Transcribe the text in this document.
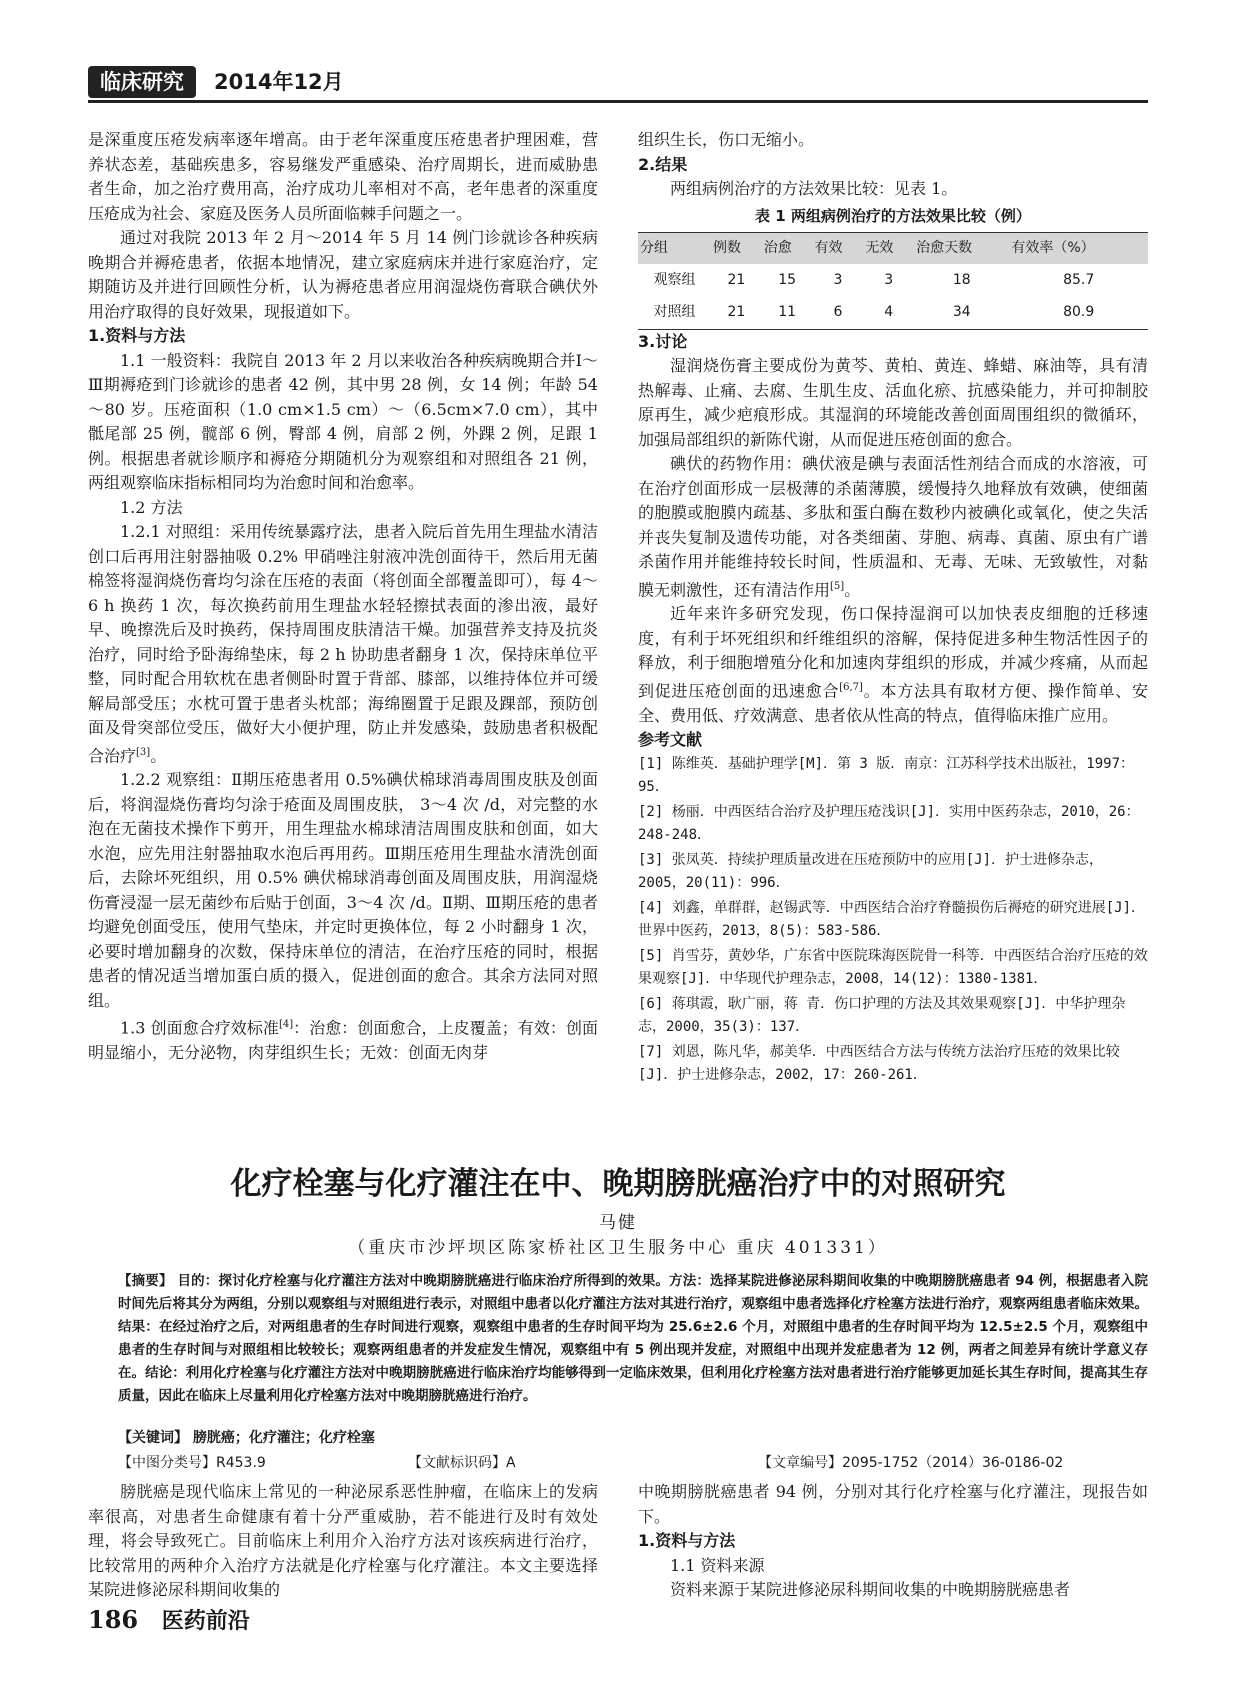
临床研究	2014年12月

是深重度压疮发病率逐年增高。由于老年深重度压疮患者护理困难，营养状态差，基础疾患多，容易继发严重感染、治疗周期长，进而威胁患者生命，加之治疗费用高，治疗成功儿率相对不高，老年患者的深重度压疮成为社会、家庭及医务人员所面临棘手问题之一。

通过对我院 2013 年 2 月～2014 年 5 月 14 例门诊就诊各种疾病晚期合并褥疮患者，依据本地情况，建立家庭病床并进行家庭治疗，定期随访及并进行回顾性分析，认为褥疮患者应用润湿烧伤膏联合碘伏外用治疗取得的良好效果，现报道如下。

1.资料与方法

1.1 一般资料：我院自 2013 年 2 月以来收治各种疾病晚期合并Ⅰ～Ⅲ期褥疮到门诊就诊的患者 42 例，其中男 28 例，女 14 例；年龄 54～80 岁。压疮面积（1.0 cm×1.5 cm）～（6.5cm×7.0 cm），其中骶尾部 25 例，髋部 6 例，臀部 4 例，肩部 2 例，外踝 2 例，足跟 1 例。根据患者就诊顺序和褥疮分期随机分为观察组和对照组各 21 例，两组观察临床指标相同均为治愈时间和治愈率。

1.2 方法

1.2.1 对照组：采用传统暴露疗法，患者入院后首先用生理盐水清洁创口后再用注射器抽吸 0.2% 甲硝唑注射液冲洗创面待干，然后用无菌棉签将湿润烧伤膏均匀涂在压疮的表面（将创面全部覆盖即可），每 4～6 h 换药 1 次，每次换药前用生理盐水轻轻擦拭表面的渗出液，最好早、晚擦洗后及时换药，保持周围皮肤清洁干燥。加强营养支持及抗炎治疗，同时给予卧海绵垫床，每 2 h 协助患者翻身 1 次，保持床单位平整，同时配合用软枕在患者侧卧时置于背部、膝部，以维持体位并可缓解局部受压；水枕可置于患者头枕部；海绵圈置于足跟及踝部，预防创面及骨突部位受压，做好大小便护理，防止并发感染，鼓励患者积极配合治疗[3]。

1.2.2 观察组：Ⅱ期压疮患者用 0.5%碘伏棉球消毒周围皮肤及创面后，将润湿烧伤膏均匀涂于疮面及周围皮肤， 3～4 次 /d，对完整的水泡在无菌技术操作下剪开，用生理盐水棉球清洁周围皮肤和创面，如大水泡，应先用注射器抽取水泡后再用药。Ⅲ期压疮用生理盐水清洗创面后，去除坏死组织，用 0.5% 碘伏棉球消毒创面及周围皮肤，用润湿烧伤膏浸湿一层无菌纱布后贴于创面，3～4 次 /d。Ⅱ期、Ⅲ期压疮的患者均避免创面受压，使用气垫床，并定时更换体位，每 2 小时翻身 1 次，必要时增加翻身的次数，保持床单位的清洁，在治疗压疮的同时，根据患者的情况适当增加蛋白质的摄入，促进创面的愈合。其余方法同对照组。

1.3 创面愈合疗效标准[4]：治愈：创面愈合，上皮覆盖；有效：创面明显缩小，无分泌物，肉芽组织生长；无效：创面无肉芽

组织生长，伤口无缩小。

2.结果

两组病例治疗的方法效果比较：见表 1。

表 1 两组病例治疗的方法效果比较（例）
分组	例数	治愈	有效	无效	治愈天数	有效率（%）
观察组	21	15	3	3	18	85.7
对照组	21	11	6	4	34	80.9

3.讨论

湿润烧伤膏主要成份为黄芩、黄柏、黄连、蜂蜡、麻油等，具有清热解毒、止痛、去腐、生肌生皮、活血化瘀、抗感染能力，并可抑制胶原再生，减少疤痕形成。其湿润的环境能改善创面周围组织的微循环，加强局部组织的新陈代谢，从而促进压疮创面的愈合。

碘伏的药物作用：碘伏液是碘与表面活性剂结合而成的水溶液，可在治疗创面形成一层极薄的杀菌薄膜，缓慢持久地释放有效碘，使细菌的胞膜或胞膜内疏基、多肽和蛋白酶在数秒内被碘化或氧化，使之失活并丧失复制及遗传功能，对各类细菌、芽胞、病毒、真菌、原虫有广谱杀菌作用并能维持较长时间，性质温和、无毒、无味、无致敏性，对黏膜无刺激性，还有清洁作用[5]。

近年来许多研究发现，伤口保持湿润可以加快表皮细胞的迁移速度，有利于坏死组织和纤维组织的溶解，保持促进多种生物活性因子的释放，利于细胞增殖分化和加速肉芽组织的形成，并减少疼痛，从而起到促进压疮创面的迅速愈合[6,7]。本方法具有取材方便、操作简单、安全、费用低、疗效满意、患者依从性高的特点，值得临床推广应用。

参考文献

[1] 陈维英．基础护理学[M]．第 3 版．南京：江苏科学技术出版社，1997：95．
[2] 杨丽．中西医结合治疗及护理压疮浅识[J]．实用中医药杂志，2010，26：248-248．
[3] 张凤英．持续护理质量改进在压疮预防中的应用[J]．护士进修杂志，2005，20(11)：996．
[4] 刘鑫，单群群，赵锡武等．中西医结合治疗脊髓损伤后褥疮的研究进展[J]．世界中医药，2013，8(5)：583-586．
[5] 肖雪芬，黄妙华，广东省中医院珠海医院骨一科等．中西医结合治疗压疮的效果观察[J]．中华现代护理杂志，2008，14(12)：1380-1381．
[6] 蒋琪霞，耿广丽，蒋 青．伤口护理的方法及其效果观察[J]．中华护理杂志，2000，35(3)：137．
[7] 刘恩，陈凡华，郝美华．中西医结合方法与传统方法治疗压疮的效果比较[J]．护士进修杂志，2002，17：260-261．
化疗栓塞与化疗灌注在中、晚期膀胱癌治疗中的对照研究
马健
（重庆市沙坪坝区陈家桥社区卫生服务中心 重庆 401331）
【摘要】 目的：探讨化疗栓塞与化疗灌注方法对中晚期膀胱癌进行临床治疗所得到的效果。方法：选择某院进修泌尿科期间收集的中晚期膀胱癌患者 94 例，根据患者入院时间先后将其分为两组，分别以观察组与对照组进行表示，对照组中患者以化疗灌注方法对其进行治疗，观察组中患者选择化疗栓塞方法进行治疗，观察两组患者临床效果。结果：在经过治疗之后，对两组患者的生存时间进行观察，观察组中患者的生存时间平均为 25.6±2.6 个月，对照组中患者的生存时间平均为 12.5±2.5 个月，观察组中患者的生存时间与对照组相比较较长；观察两组患者的并发症发生情况，观察组中有 5 例出现并发症，对照组中出现并发症患者为 12 例，两者之间差异有统计学意义存在。结论：利用化疗栓塞与化疗灌注方法对中晚期膀胱癌进行临床治疗均能够得到一定临床效果，但利用化疗栓塞方法对患者进行治疗能够更加延长其生存时间，提高其生存质量，因此在临床上尽量利用化疗栓塞方法对中晚期膀胱癌进行治疗。
【关键词】 膀胱癌；化疗灌注；化疗栓塞
【中图分类号】R453.9	【文献标识码】A	【文章编号】2095-1752（2014）36-0186-02

膀胱癌是现代临床上常见的一种泌尿系恶性肿瘤，在临床上的发病率很高，对患者生命健康有着十分严重威胁，若不能进行及时有效处理，将会导致死亡。目前临床上利用介入治疗方法对该疾病进行治疗，比较常用的两种介入治疗方法就是化疗栓塞与化疗灌注。本文主要选择某院进修泌尿科期间收集的

中晚期膀胱癌患者 94 例，分别对其行化疗栓塞与化疗灌注，现报告如下。

1.资料与方法

1.1 资料来源

资料来源于某院进修泌尿科期间收集的中晚期膀胱癌患者

186 医药前沿
